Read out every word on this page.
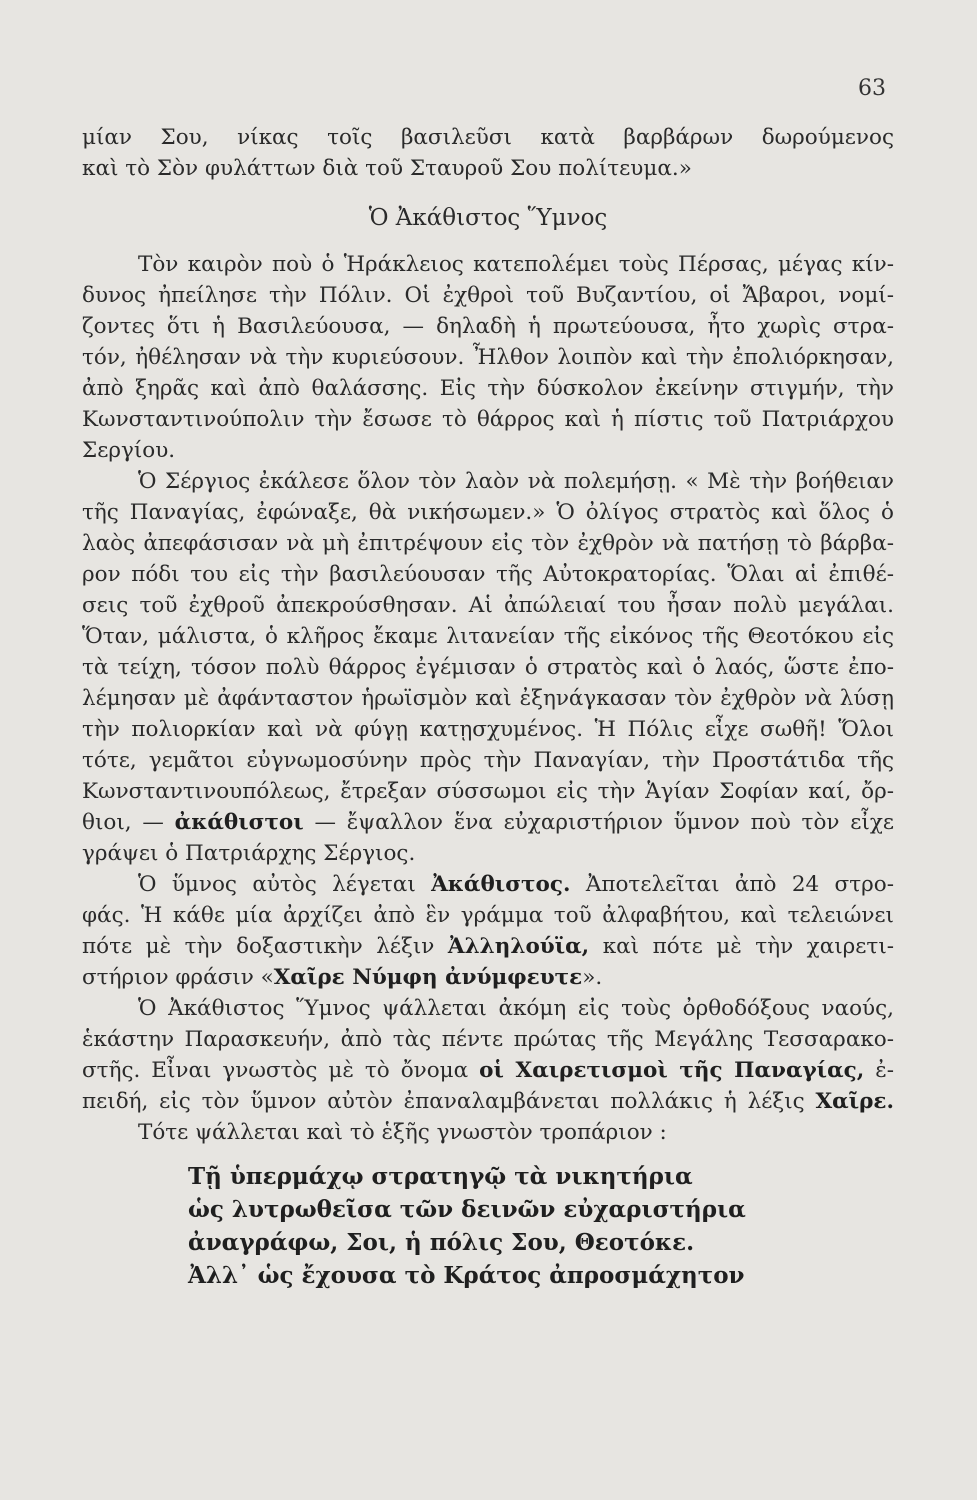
63
μίαν Σου, νίκας τοῖς βασιλεῦσι κατὰ βαρβάρων δωρούμενος
καὶ τὸ Σὸν φυλάττων διὰ τοῦ Σταυροῦ Σου πολίτευμα.»
Ὁ Ἀκάθιστος Ὕμνος
Τὸν καιρὸν ποὺ ὁ Ἡράκλειος κατεπολέμει τοὺς Πέρσας, μέγας κίν-
δυνος ἠπείλησε τὴν Πόλιν. Οἱ ἐχθροὶ τοῦ Βυζαντίου, οἱ Ἄβαροι, νομί-
ζοντες ὅτι ἡ Βασιλεύουσα, — δηλαδὴ ἡ πρωτεύουσα, ἦτο χωρὶς στρα-
τόν, ἠθέλησαν νὰ τὴν κυριεύσουν. Ἦλθον λοιπὸν καὶ τὴν ἐπολιόρκησαν,
ἀπὸ ξηρᾶς καὶ ἀπὸ θαλάσσης. Εἰς τὴν δύσκολον ἐκείνην στιγμήν, τὴν
Κωνσταντινούπολιν τὴν ἔσωσε τὸ θάρρος καὶ ἡ πίστις τοῦ Πατριάρχου
Σεργίου.
Ὁ Σέργιος ἐκάλεσε ὅλον τὸν λαὸν νὰ πολεμήσῃ. « Μὲ τὴν βοήθειαν
τῆς Παναγίας, ἐφώναξε, θὰ νικήσωμεν.» Ὁ ὀλίγος στρατὸς καὶ ὅλος ὁ
λαὸς ἀπεφάσισαν νὰ μὴ ἐπιτρέψουν εἰς τὸν ἐχθρὸν νὰ πατήσῃ τὸ βάρβα-
ρον πόδι του εἰς τὴν βασιλεύουσαν τῆς Αὐτοκρατορίας. Ὅλαι αἱ ἐπιθέ-
σεις τοῦ ἐχθροῦ ἀπεκρούσθησαν. Αἱ ἀπώλειαί του ἦσαν πολὺ μεγάλαι.
Ὅταν, μάλιστα, ὁ κλῆρος ἔκαμε λιτανείαν τῆς εἰκόνος τῆς Θεοτόκου εἰς
τὰ τείχη, τόσον πολὺ θάρρος ἐγέμισαν ὁ στρατὸς καὶ ὁ λαός, ὥστε ἐπο-
λέμησαν μὲ ἀφάνταστον ἡρωϊσμὸν καὶ ἐξηνάγκασαν τὸν ἐχθρὸν νὰ λύσῃ
τὴν πολιορκίαν καὶ νὰ φύγῃ κατῃσχυμένος. Ἡ Πόλις εἶχε σωθῆ! Ὅλοι
τότε, γεμᾶτοι εὐγνωμοσύνην πρὸς τὴν Παναγίαν, τὴν Προστάτιδα τῆς
Κωνσταντινουπόλεως, ἔτρεξαν σύσσωμοι εἰς τὴν Ἁγίαν Σοφίαν καί, ὄρ-
θιοι, — ἀκάθιστοι — ἔψαλλον ἕνα εὐχαριστήριον ὕμνον ποὺ τὸν εἶχε
γράψει ὁ Πατριάρχης Σέργιος.
Ὁ ὕμνος αὐτὸς λέγεται Ἀκάθιστος. Ἀποτελεῖται ἀπὸ 24 στρο-
φάς. Ἡ κάθε μία ἀρχίζει ἀπὸ ἓν γράμμα τοῦ ἀλφαβήτου, καὶ τελειώνει
πότε μὲ τὴν δοξαστικὴν λέξιν Ἀλληλούϊα, καὶ πότε μὲ τὴν χαιρετι-
στήριον φράσιν «Χαῖρε Νύμφη ἀνύμφευτε».
Ὁ Ἀκάθιστος Ὕμνος ψάλλεται ἀκόμη εἰς τοὺς ὀρθοδόξους ναούς,
ἑκάστην Παρασκευήν, ἀπὸ τὰς πέντε πρώτας τῆς Μεγάλης Τεσσαρακο-
στῆς. Εἶναι γνωστὸς μὲ τὸ ὄνομα οἱ Χαιρετισμοὶ τῆς Παναγίας, ἐ-
πειδή, εἰς τὸν ὕμνον αὐτὸν ἐπαναλαμβάνεται πολλάκις ἡ λέξις Χαῖρε.
Τότε ψάλλεται καὶ τὸ ἑξῆς γνωστὸν τροπάριον :
Τῇ ὑπερμάχῳ στρατηγῷ τὰ νικητήρια
ὡς λυτρωθεῖσα τῶν δεινῶν εὐχαριστήρια
ἀναγράφω, Σοι, ἡ πόλις Σου, Θεοτόκε.
Ἀλλ᾽ ὡς ἔχουσα τὸ Κράτος ἀπροσμάχητον
